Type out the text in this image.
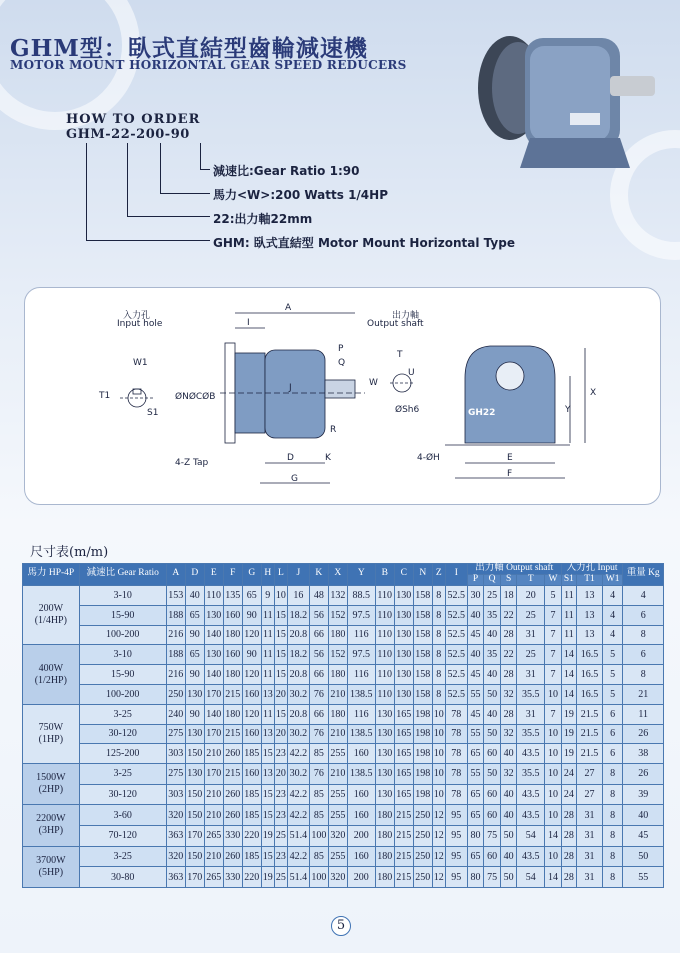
GHM型：臥式直結型齒輪減速機
MOTOR MOUNT HORIZONTAL GEAR SPEED REDUCERS
HOW TO ORDER
GHM-22-200-90
減速比:Gear Ratio 1:90
馬力<W>:200 Watts 1/4HP
22:出力軸22mm
GHM: 臥式直結型 Motor Mount Horizontal Type
入力孔
Input hole
出力軸
Output shaft
GH22
ØNØCØB
4-Z Tap
ØSh6
4-ØH
A
I
J
P
Q
R
D	K
G
T
W
U
X
Y
E
F
W1
T1
S1
尺寸表(m/m)
馬力 HP-4P	減速比 Gear Ratio	A	D	E	F	G	H	L	J	K	X	Y	B	C	N	Z	I	出力軸 Output shaft					入力孔 Input			重量 Kg
																		P	Q	S	T	W	S1	T1	W1	

200W
(1/4HP)	3-10	153	40	110	135	65	9	10	16	48	132	88.5	110	130	158	8	52.5	30	25	18	20	5	11	13	4	4
	15-90	188	65	130	160	90	11	15	18.2	56	152	97.5	110	130	158	8	52.5	40	35	22	25	7	11	13	4	6
	100-200	216	90	140	180	120	11	15	20.8	66	180	116	110	130	158	8	52.5	45	40	28	31	7	11	13	4	8

400W
(1/2HP)	3-10	188	65	130	160	90	11	15	18.2	56	152	97.5	110	130	158	8	52.5	40	35	22	25	7	14	16.5	5	6
	15-90	216	90	140	180	120	11	15	20.8	66	180	116	110	130	158	8	52.5	45	40	28	31	7	14	16.5	5	8
	100-200	250	130	170	215	160	13	20	30.2	76	210	138.5	110	130	158	8	52.5	55	50	32	35.5	10	14	16.5	5	21

750W
(1HP)	3-25	240	90	140	180	120	11	15	20.8	66	180	116	130	165	198	10	78	45	40	28	31	7	19	21.5	6	11
	30-120	275	130	170	215	160	13	20	30.2	76	210	138.5	130	165	198	10	78	55	50	32	35.5	10	19	21.5	6	26
	125-200	303	150	210	260	185	15	23	42.2	85	255	160	130	165	198	10	78	65	60	40	43.5	10	19	21.5	6	38

1500W
(2HP)	3-25	275	130	170	215	160	13	20	30.2	76	210	138.5	130	165	198	10	78	55	50	32	35.5	10	24	27	8	26
	30-120	303	150	210	260	185	15	23	42.2	85	255	160	130	165	198	10	78	65	60	40	43.5	10	24	27	8	39

2200W
(3HP)	3-60	320	150	210	260	185	15	23	42.2	85	255	160	180	215	250	12	95	65	60	40	43.5	10	28	31	8	40
	70-120	363	170	265	330	220	19	25	51.4	100	320	200	180	215	250	12	95	80	75	50	54	14	28	31	8	45

3700W
(5HP)	3-25	320	150	210	260	185	15	23	42.2	85	255	160	180	215	250	12	95	65	60	40	43.5	10	28	31	8	50
	30-80	363	170	265	330	220	19	25	51.4	100	320	200	180	215	250	12	95	80	75	50	54	14	28	31	8	55
5
